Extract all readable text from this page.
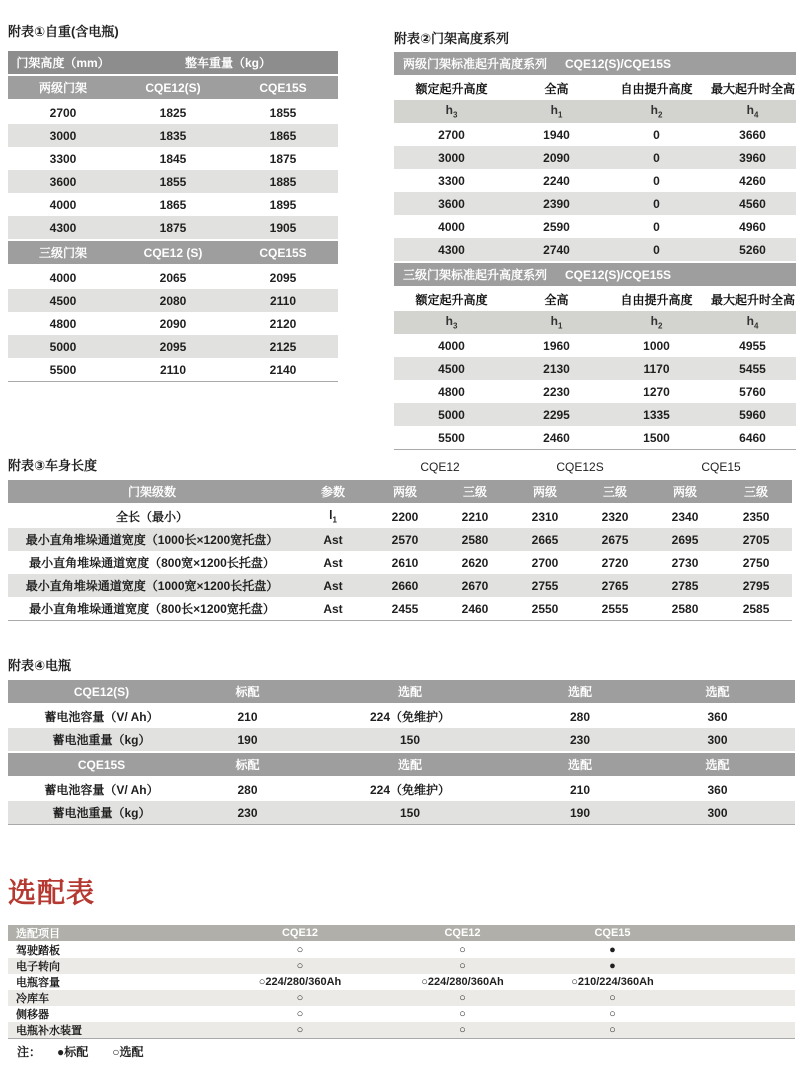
附表①自重(含电瓶)
门架高度（mm）	整车重量（kg）	
两级门架	CQE12(S)	CQE15S
2700	1825	1855
3000	1835	1865
3300	1845	1875
3600	1855	1885
4000	1865	1895
4300	1875	1905
三级门架	CQE12 (S)	CQE15S
4000	2065	2095
4500	2080	2110
4800	2090	2120
5000	2095	2125
5500	2110	2140
附表②门架高度系列
两级门架标准起升高度系列 CQE12(S)/CQE15S			
额定起升高度	全高	自由提升高度	最大起升时全高
$h_3$	$h_1$	$h_2$	$h_4$
2700	1940	0	3660
3000	2090	0	3960
3300	2240	0	4260
3600	2390	0	4560
4000	2590	0	4960
4300	2740	0	5260
三级门架标准起升高度系列 CQE12(S)/CQE15S			
额定起升高度	全高	自由提升高度	最大起升时全高
$h_3$	$h_1$	$h_2$	$h_4$
4000	1960	1000	4955
4500	2130	1170	5455
4800	2230	1270	5760
5000	2295	1335	5960
5500	2460	1500	6460
附表③车身长度
		CQE12		CQE12S		CQE15	
门架级数	参数	两级	三级	两级	三级	两级	三级
全长（最小）	$l_1$	2200	2210	2310	2320	2340	2350
最小直角堆垛通道宽度（1000长×1200宽托盘）	Ast	2570	2580	2665	2675	2695	2705
最小直角堆垛通道宽度（800宽×1200长托盘）	Ast	2610	2620	2700	2720	2730	2750
最小直角堆垛通道宽度（1000宽×1200长托盘）	Ast	2660	2670	2755	2765	2785	2795
最小直角堆垛通道宽度（800长×1200宽托盘）	Ast	2455	2460	2550	2555	2580	2585
附表④电瓶
CQE12(S)	标配	选配	选配	选配
蓄电池容量（V/ Ah）	210	224（免维护）	280	360
蓄电池重量（kg）	190	150	230	300
CQE15S	标配	选配	选配	选配
蓄电池容量（V/ Ah）	280	224（免维护）	210	360
蓄电池重量（kg）	230	150	190	300
选配表
选配项目	CQE12	CQE12	CQE15	
驾驶踏板	○	○	●	
电子转向	○	○	●	
电瓶容量	○224/280/360Ah	○224/280/360Ah	○210/224/360Ah	
冷库车	○	○	○	
侧移器	○	○	○	
电瓶补水装置	○	○	○	
注： ●标配 ○选配
